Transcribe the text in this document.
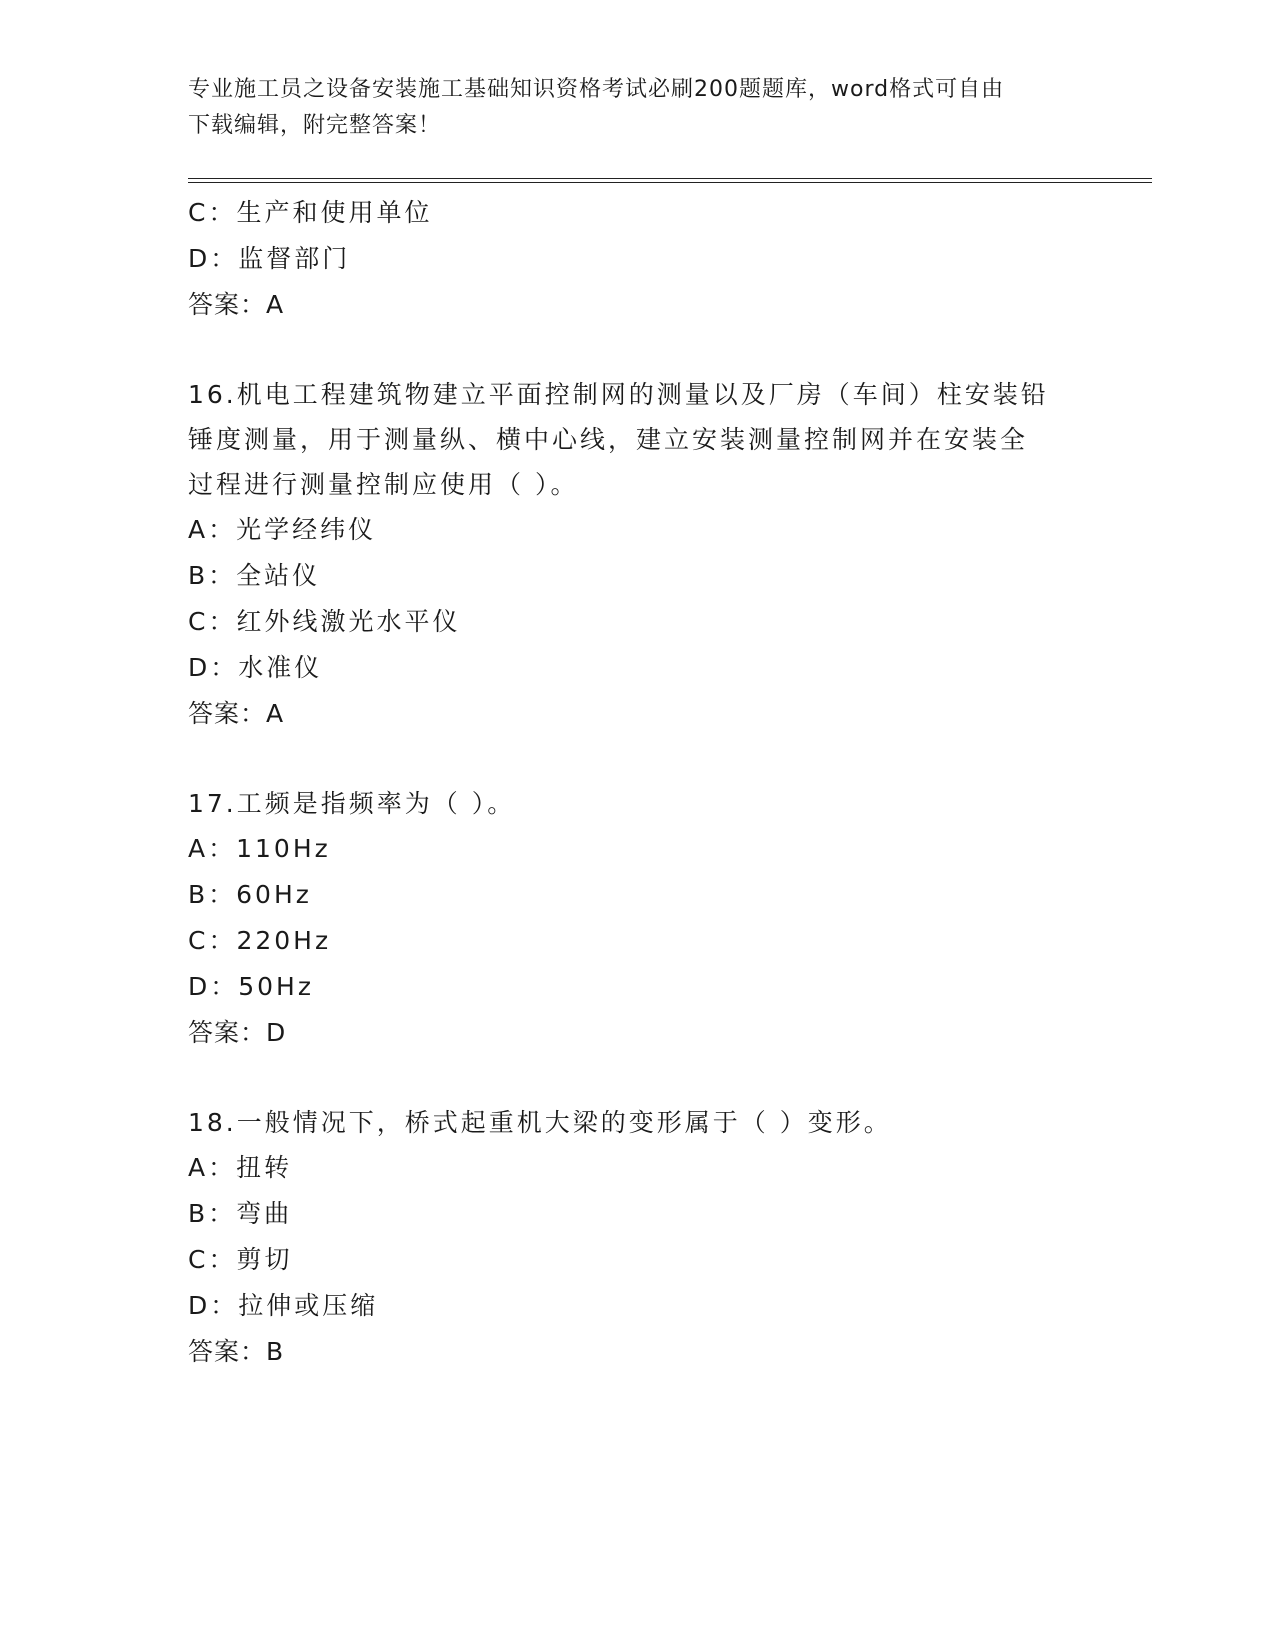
专业施工员之设备安装施工基础知识资格考试必刷200题题库，word格式可自由
下载编辑，附完整答案！
C：生产和使用单位
D：监督部门
答案：A
16.机电工程建筑物建立平面控制网的测量以及厂房（车间）柱安装铅
锤度测量，用于测量纵、横中心线，建立安装测量控制网并在安装全
过程进行测量控制应使用（ ）。
A：光学经纬仪
B：全站仪
C：红外线激光水平仪
D：水准仪
答案：A
17.工频是指频率为（ ）。
A：110Hz
B：60Hz
C：220Hz
D：50Hz
答案：D
18.一般情况下，桥式起重机大梁的变形属于（ ）变形。
A：扭转
B：弯曲
C：剪切
D：拉伸或压缩
答案：B
